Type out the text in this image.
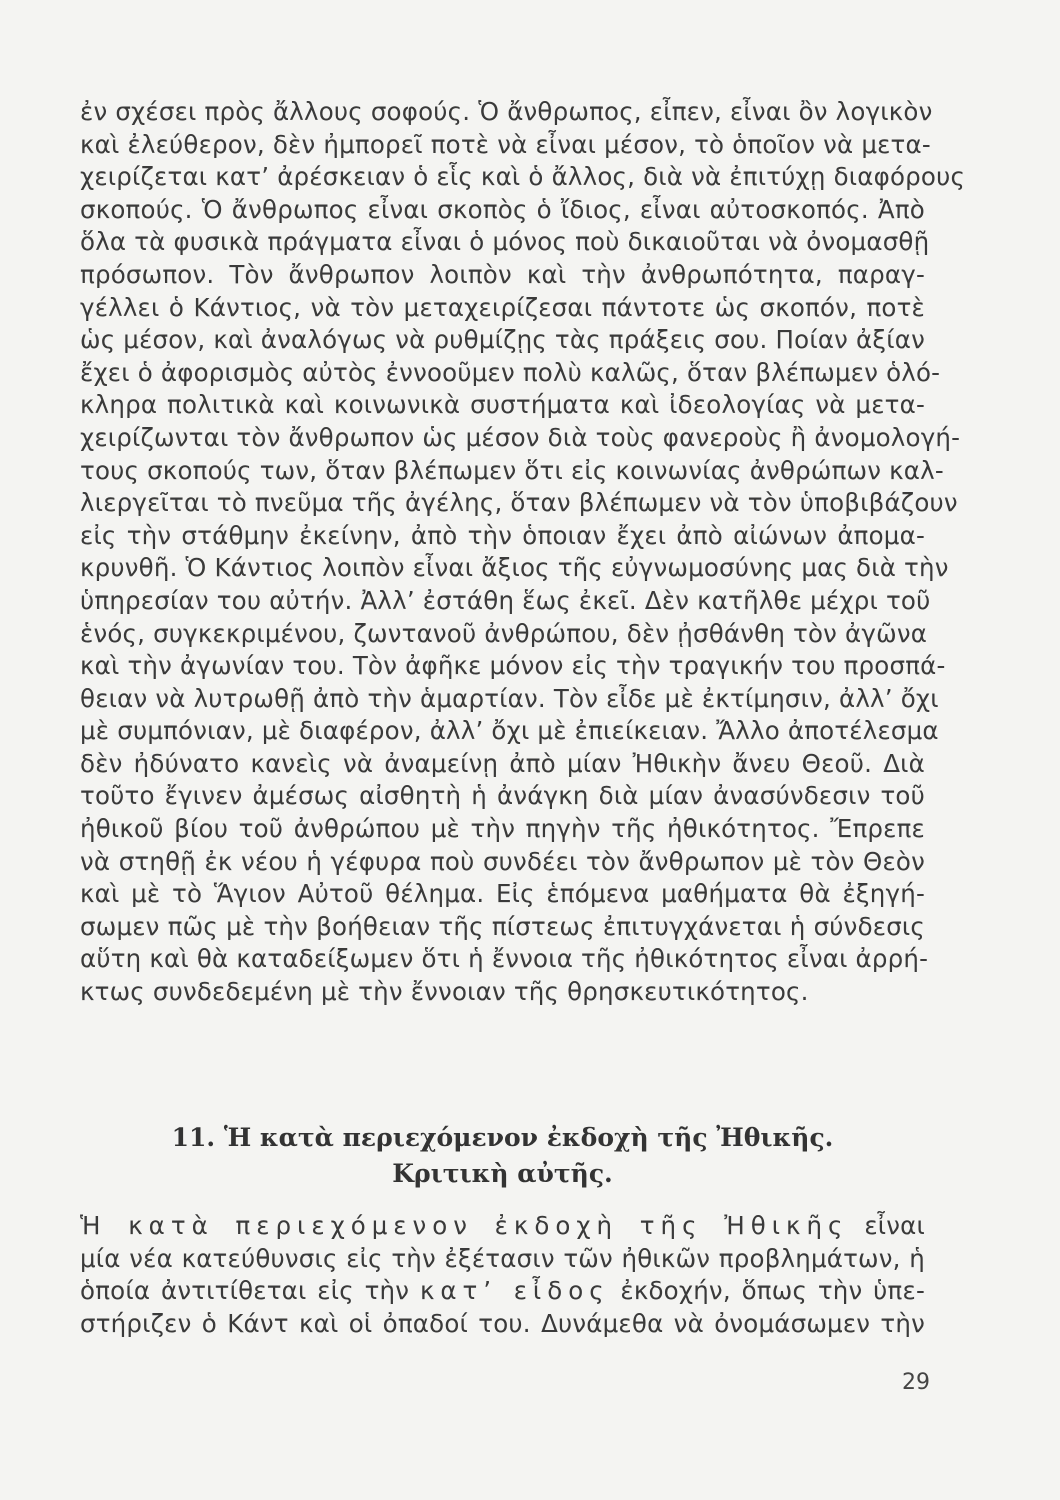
ἐν σχέσει πρὸς ἄλλους σοφούς. Ὁ ἄνθρωπος, εἶπεν, εἶναι ὂν λογικὸν
καὶ ἐλεύθερον, δὲν ἠμπορεῖ ποτὲ νὰ εἶναι μέσον, τὸ ὁποῖον νὰ μετα-
χειρίζεται κατ’ ἀρέσκειαν ὁ εἷς καὶ ὁ ἄλλος, διὰ νὰ ἐπιτύχῃ διαφόρους
σκοπούς. Ὁ ἄνθρωπος εἶναι σκοπὸς ὁ ἴδιος, εἶναι αὐτοσκοπός. Ἀπὸ
ὅλα τὰ φυσικὰ πράγματα εἶναι ὁ μόνος ποὺ δικαιοῦται νὰ ὀνομασθῇ
πρόσωπον. Τὸν ἄνθρωπον λοιπὸν καὶ τὴν ἀνθρωπότητα, παραγ-
γέλλει ὁ Κάντιος, νὰ τὸν μεταχειρίζεσαι πάντοτε ὡς σκοπόν, ποτὲ
ὡς μέσον, καὶ ἀναλόγως νὰ ρυθμίζῃς τὰς πράξεις σου. Ποίαν ἀξίαν
ἔχει ὁ ἀφορισμὸς αὐτὸς ἐννοοῦμεν πολὺ καλῶς, ὅταν βλέπωμεν ὁλό-
κληρα πολιτικὰ καὶ κοινωνικὰ συστήματα καὶ ἰδεολογίας νὰ μετα-
χειρίζωνται τὸν ἄνθρωπον ὡς μέσον διὰ τοὺς φανεροὺς ἢ ἀνομολογή-
τους σκοπούς των, ὅταν βλέπωμεν ὅτι εἰς κοινωνίας ἀνθρώπων καλ-
λιεργεῖται τὸ πνεῦμα τῆς ἀγέλης, ὅταν βλέπωμεν νὰ τὸν ὑποβιβάζουν
εἰς τὴν στάθμην ἐκείνην, ἀπὸ τὴν ὁποιαν ἔχει ἀπὸ αἰώνων ἀπομα-
κρυνθῆ. Ὁ Κάντιος λοιπὸν εἶναι ἄξιος τῆς εὐγνωμοσύνης μας διὰ τὴν
ὑπηρεσίαν του αὐτήν. Ἀλλ’ ἐστάθη ἕως ἐκεῖ. Δὲν κατῆλθε μέχρι τοῦ
ἑνός, συγκεκριμένου, ζωντανοῦ ἀνθρώπου, δὲν ᾐσθάνθη τὸν ἀγῶνα
καὶ τὴν ἀγωνίαν του. Τὸν ἀφῆκε μόνον εἰς τὴν τραγικήν του προσπά-
θειαν νὰ λυτρωθῇ ἀπὸ τὴν ἁμαρτίαν. Τὸν εἶδε μὲ ἐκτίμησιν, ἀλλ’ ὄχι
μὲ συμπόνιαν, μὲ διαφέρον, ἀλλ’ ὄχι μὲ ἐπιείκειαν. Ἄλλο ἀποτέλεσμα
δὲν ἠδύνατο κανεὶς νὰ ἀναμείνῃ ἀπὸ μίαν Ἠθικὴν ἄνευ Θεοῦ. Διὰ
τοῦτο ἔγινεν ἀμέσως αἰσθητὴ ἡ ἀνάγκη διὰ μίαν ἀνασύνδεσιν τοῦ
ἠθικοῦ βίου τοῦ ἀνθρώπου μὲ τὴν πηγὴν τῆς ἠθικότητος. Ἔπρεπε
νὰ στηθῇ ἐκ νέου ἡ γέφυρα ποὺ συνδέει τὸν ἄνθρωπον μὲ τὸν Θεὸν
καὶ μὲ τὸ Ἅγιον Αὐτοῦ θέλημα. Εἰς ἑπόμενα μαθήματα θὰ ἐξηγή-
σωμεν πῶς μὲ τὴν βοήθειαν τῆς πίστεως ἐπιτυγχάνεται ἡ σύνδεσις
αὕτη καὶ θὰ καταδείξωμεν ὅτι ἡ ἔννοια τῆς ἠθικότητος εἶναι ἀρρή-
κτως συνδεδεμένη μὲ τὴν ἔννοιαν τῆς θρησκευτικότητος.
11. Ἡ κατὰ περιεχόμενον ἐκδοχὴ τῆς Ἠθικῆς.
Κριτικὴ αὐτῆς.
Ἡ κατὰ περιεχόμενον ἐκδοχὴ τῆς Ἠθικῆς εἶναι
μία νέα κατεύθυνσις εἰς τὴν ἐξέτασιν τῶν ἠθικῶν προβλημάτων, ἡ
ὁποία ἀντιτίθεται εἰς τὴν κατ’ εἶδος ἐκδοχήν, ὅπως τὴν ὑπε-
στήριζεν ὁ Κάντ καὶ οἱ ὀπαδοί του. Δυνάμεθα νὰ ὀνομάσωμεν τὴν
29
